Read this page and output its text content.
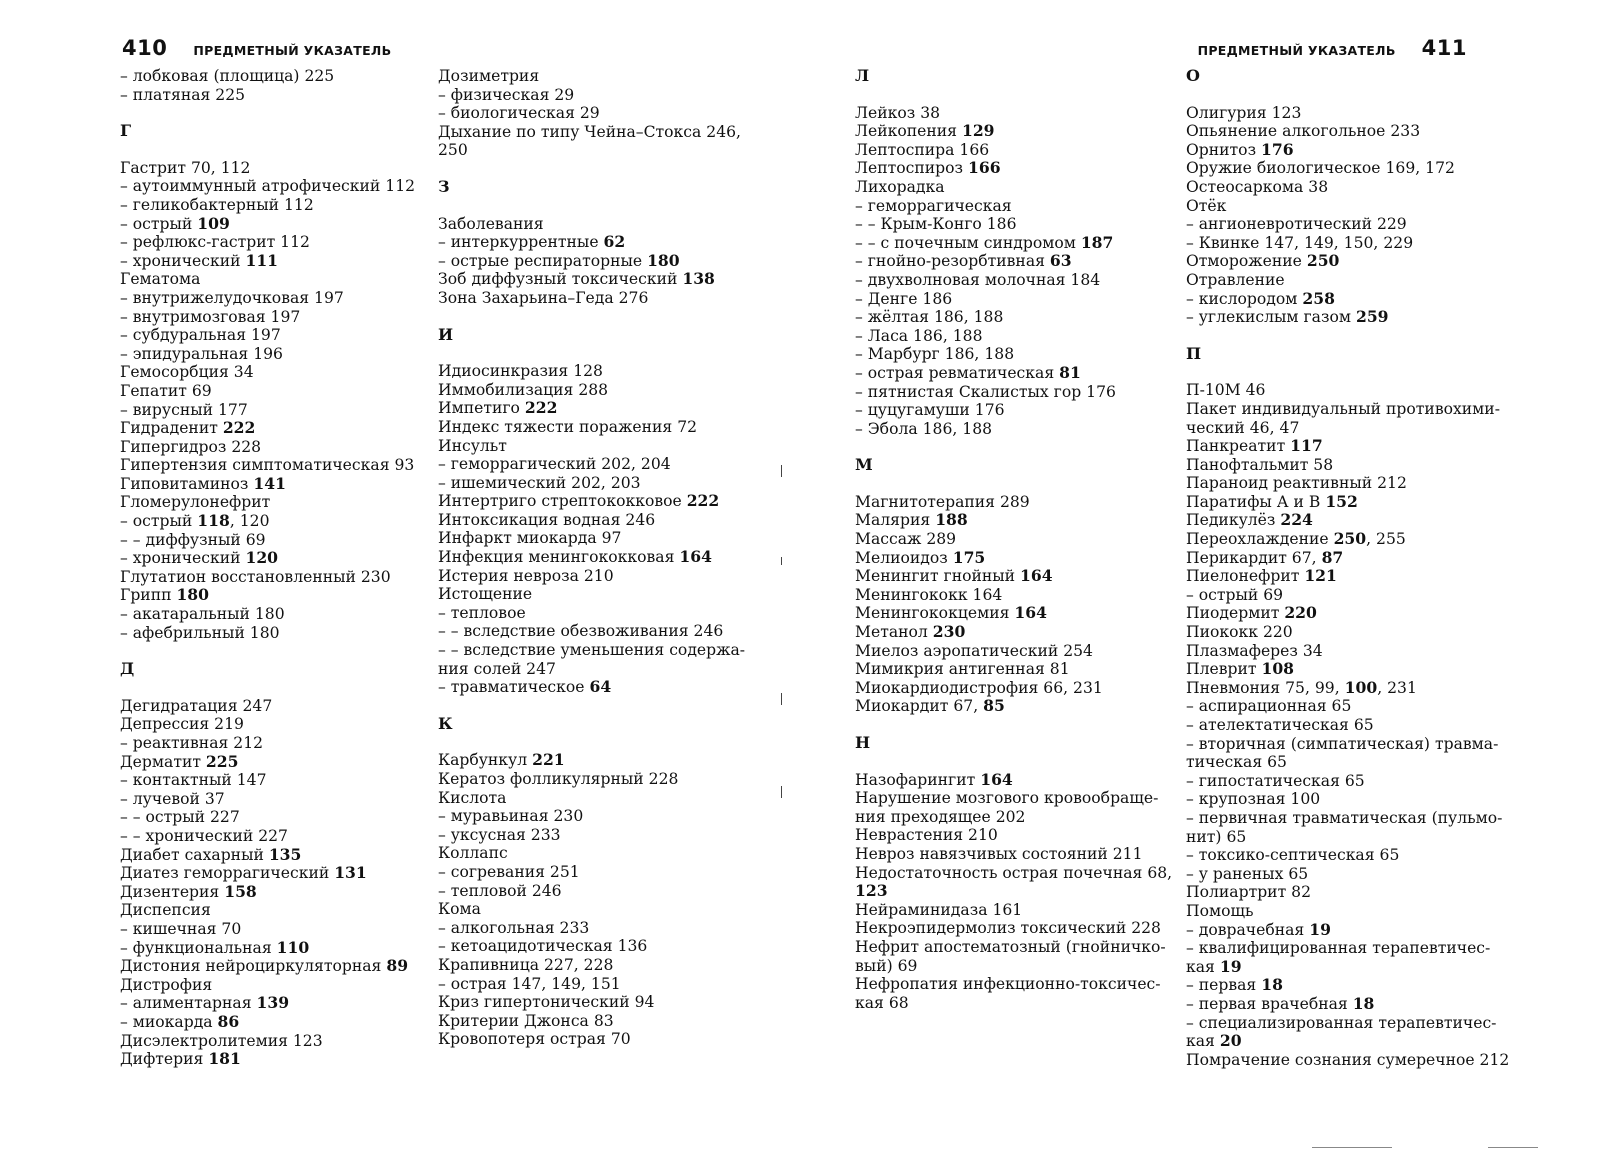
410 ПРЕДМЕТНЫЙ УКАЗАТЕЛЬ	ПРЕДМЕТНЫЙ УКАЗАТЕЛЬ 411
– лобковая (площица) 225
– платяная 225
Г
Гастрит 70, 112
– аутоиммунный атрофический 112
– геликобактерный 112
– острый 109
– рефлюкс-гастрит 112
– хронический 111
Гематома
– внутрижелудочковая 197
– внутримозговая 197
– субдуральная 197
– эпидуральная 196
Гемосорбция 34
Гепатит 69
– вирусный 177
Гидраденит 222
Гипергидроз 228
Гипертензия симптоматическая 93
Гиповитаминоз 141
Гломерулонефрит
– острый 118, 120
– – диффузный 69
– хронический 120
Глутатион восстановленный 230
Грипп 180
– акатаральный 180
– афебрильный 180
Д
Дегидратация 247
Депрессия 219
– реактивная 212
Дерматит 225
– контактный 147
– лучевой 37
– – острый 227
– – хронический 227
Диабет сахарный 135
Диатез геморрагический 131
Дизентерия 158
Диспепсия
– кишечная 70
– функциональная 110
Дистония нейроциркуляторная 89
Дистрофия
– алиментарная 139
– миокарда 86
Дисэлектролитемия 123
Дифтерия 181
Дозиметрия
– физическая 29
– биологическая 29
Дыхание по типу Чейна–Стокса 246,
250
З
Заболевания
– интеркуррентные 62
– острые респираторные 180
Зоб диффузный токсический 138
Зона Захарьина–Геда 276
И
Идиосинкразия 128
Иммобилизация 288
Импетиго 222
Индекс тяжести поражения 72
Инсульт
– геморрагический 202, 204
– ишемический 202, 203
Интертриго стрептококковое 222
Интоксикация водная 246
Инфаркт миокарда 97
Инфекция менингококковая 164
Истерия невроза 210
Истощение
– тепловое
– – вследствие обезвоживания 246
– – вследствие уменьшения содержа-
ния солей 247
– травматическое 64
К
Карбункул 221
Кератоз фолликулярный 228
Кислота
– муравьиная 230
– уксусная 233
Коллапс
– согревания 251
– тепловой 246
Кома
– алкогольная 233
– кетоацидотическая 136
Крапивница 227, 228
– острая 147, 149, 151
Криз гипертонический 94
Критерии Джонса 83
Кровопотеря острая 70
Л
Лейкоз 38
Лейкопения 129
Лептоспира 166
Лептоспироз 166
Лихорадка
– геморрагическая
– – Крым-Конго 186
– – с почечным синдромом 187
– гнойно-резорбтивная 63
– двухволновая молочная 184
– Денге 186
– жёлтая 186, 188
– Ласа 186, 188
– Марбург 186, 188
– острая ревматическая 81
– пятнистая Скалистых гор 176
– цуцугамуши 176
– Эбола 186, 188
М
Магнитотерапия 289
Малярия 188
Массаж 289
Мелиоидоз 175
Менингит гнойный 164
Менингококк 164
Менингококцемия 164
Метанол 230
Миелоз аэропатический 254
Мимикрия антигенная 81
Миокардиодистрофия 66, 231
Миокардит 67, 85
Н
Назофарингит 164
Нарушение мозгового кровообраще-
ния преходящее 202
Неврастения 210
Невроз навязчивых состояний 211
Недостаточность острая почечная 68,
123
Нейраминидаза 161
Некроэпидермолиз токсический 228
Нефрит апостематозный (гнойничко-
вый) 69
Нефропатия инфекционно-токсичес-
кая 68
О
Олигурия 123
Опьянение алкогольное 233
Орнитоз 176
Оружие биологическое 169, 172
Остеосаркома 38
Отёк
– ангионевротический 229
– Квинке 147, 149, 150, 229
Отморожение 250
Отравление
– кислородом 258
– углекислым газом 259
П
П-10М 46
Пакет индивидуальный противохими-
ческий 46, 47
Панкреатит 117
Панофтальмит 58
Параноид реактивный 212
Паратифы А и В 152
Педикулёз 224
Переохлаждение 250, 255
Перикардит 67, 87
Пиелонефрит 121
– острый 69
Пиодермит 220
Пиококк 220
Плазмаферез 34
Плеврит 108
Пневмония 75, 99, 100, 231
– аспирационная 65
– ателектатическая 65
– вторичная (симпатическая) травма-
тическая 65
– гипостатическая 65
– крупозная 100
– первичная травматическая (пульмо-
нит) 65
– токсико-септическая 65
– у раненых 65
Полиартрит 82
Помощь
– доврачебная 19
– квалифицированная терапевтичес-
кая 19
– первая 18
– первая врачебная 18
– специализированная терапевтичес-
кая 20
Помрачение сознания сумеречное 212
